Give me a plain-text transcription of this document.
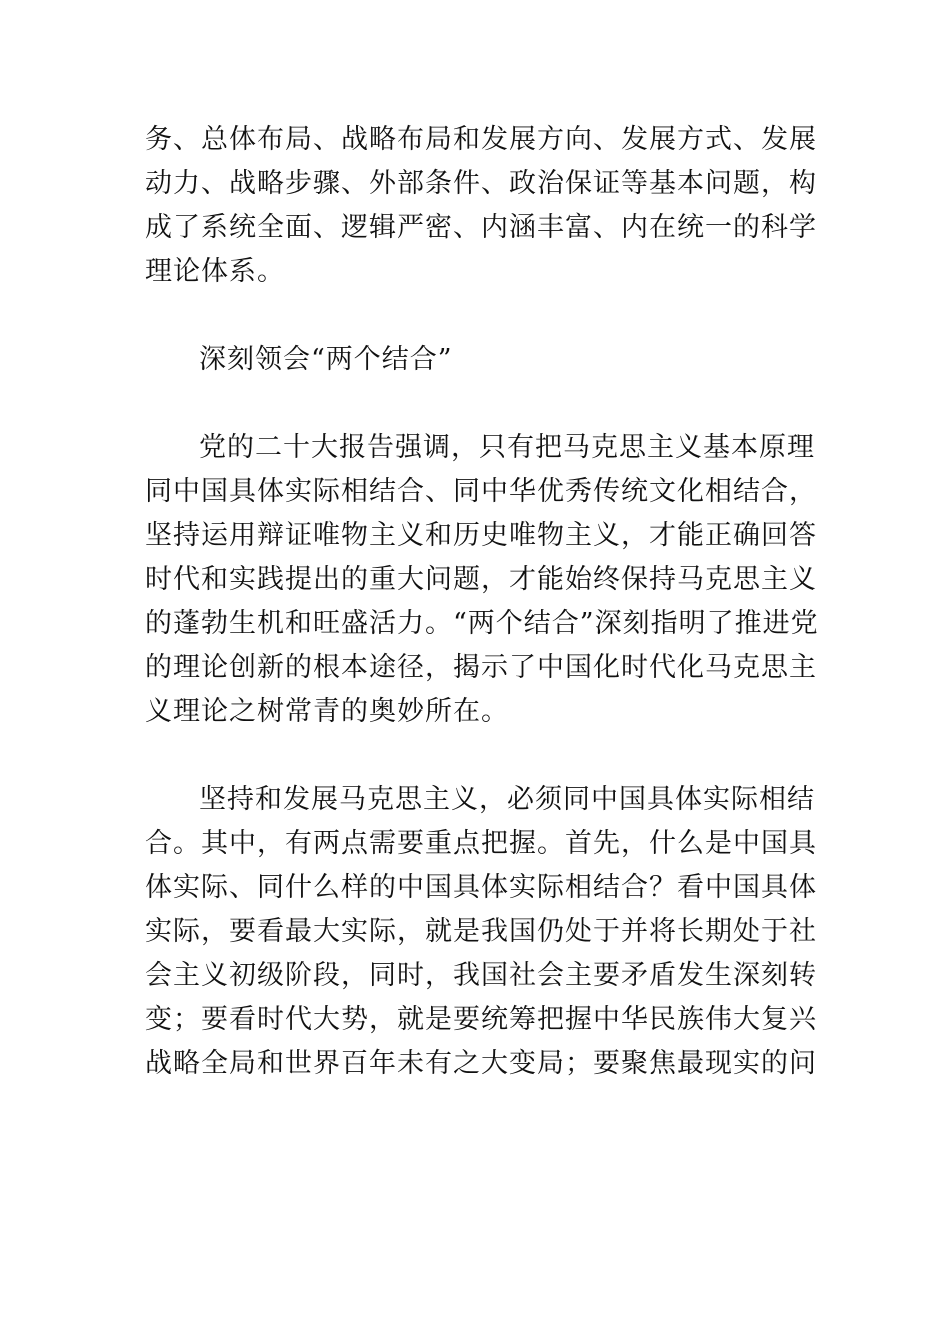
务、总体布局、战略布局和发展方向、发展方式、发展
动力、战略步骤、外部条件、政治保证等基本问题，构
成了系统全面、逻辑严密、内涵丰富、内在统一的科学
理论体系。
深刻领会“两个结合”
党的二十大报告强调，只有把马克思主义基本原理
同中国具体实际相结合、同中华优秀传统文化相结合，
坚持运用辩证唯物主义和历史唯物主义，才能正确回答
时代和实践提出的重大问题，才能始终保持马克思主义
的蓬勃生机和旺盛活力。“两个结合”深刻指明了推进党
的理论创新的根本途径，揭示了中国化时代化马克思主
义理论之树常青的奥妙所在。
坚持和发展马克思主义，必须同中国具体实际相结
合。其中，有两点需要重点把握。首先，什么是中国具
体实际、同什么样的中国具体实际相结合？看中国具体
实际，要看最大实际，就是我国仍处于并将长期处于社
会主义初级阶段，同时，我国社会主要矛盾发生深刻转
变；要看时代大势，就是要统筹把握中华民族伟大复兴
战略全局和世界百年未有之大变局；要聚焦最现实的问
